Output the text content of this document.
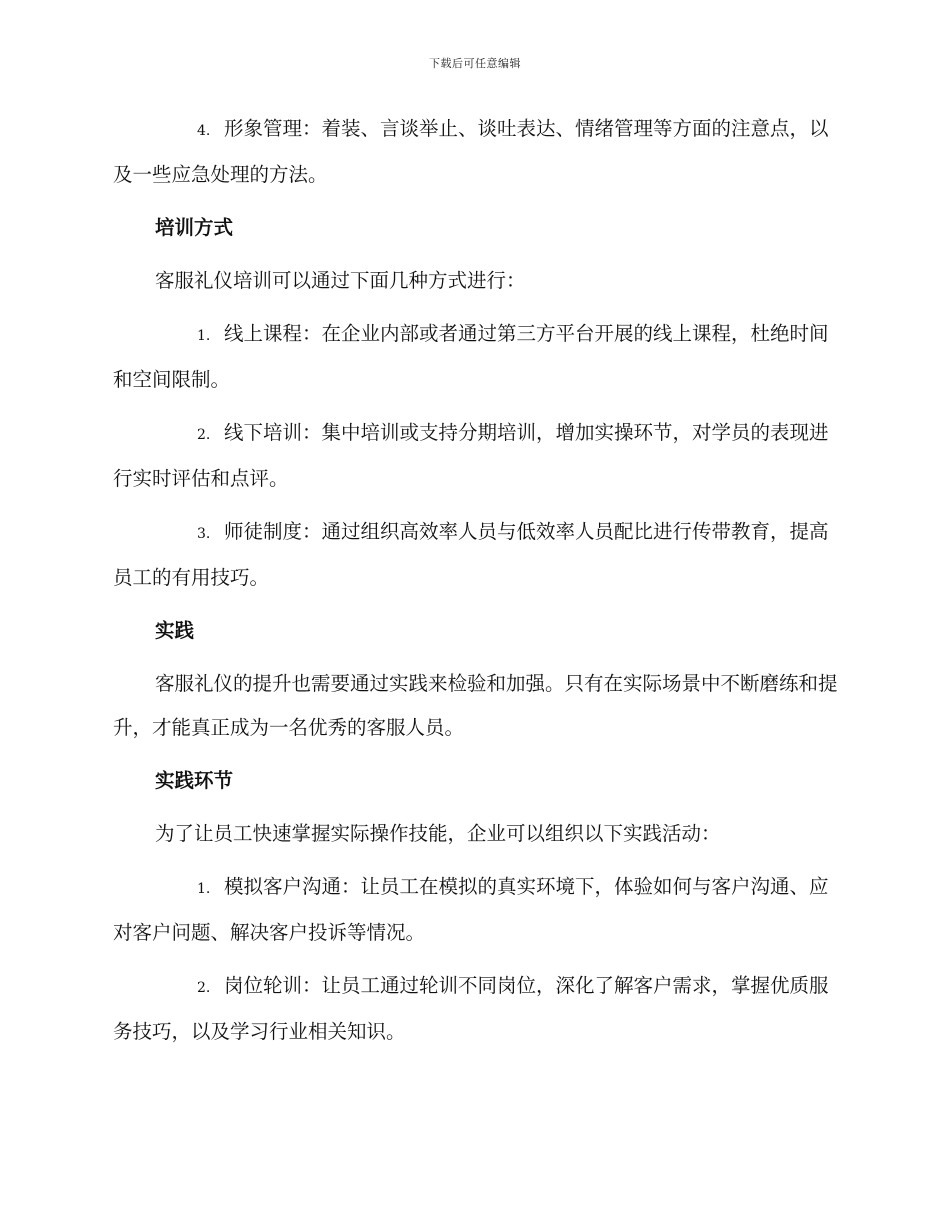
下载后可任意编辑

4. 形象管理：着装、言谈举止、谈吐表达、情绪管理等方面的注意点，以及一些应急处理的方法。

培训方式

客服礼仪培训可以通过下面几种方式进行：

1. 线上课程：在企业内部或者通过第三方平台开展的线上课程，杜绝时间和空间限制。

2. 线下培训：集中培训或支持分期培训，增加实操环节，对学员的表现进行实时评估和点评。

3. 师徒制度：通过组织高效率人员与低效率人员配比进行传带教育，提高员工的有用技巧。

实践

客服礼仪的提升也需要通过实践来检验和加强。只有在实际场景中不断磨练和提升，才能真正成为一名优秀的客服人员。

实践环节

为了让员工快速掌握实际操作技能，企业可以组织以下实践活动：

1. 模拟客户沟通：让员工在模拟的真实环境下，体验如何与客户沟通、应对客户问题、解决客户投诉等情况。

2. 岗位轮训：让员工通过轮训不同岗位，深化了解客户需求，掌握优质服务技巧，以及学习行业相关知识。
